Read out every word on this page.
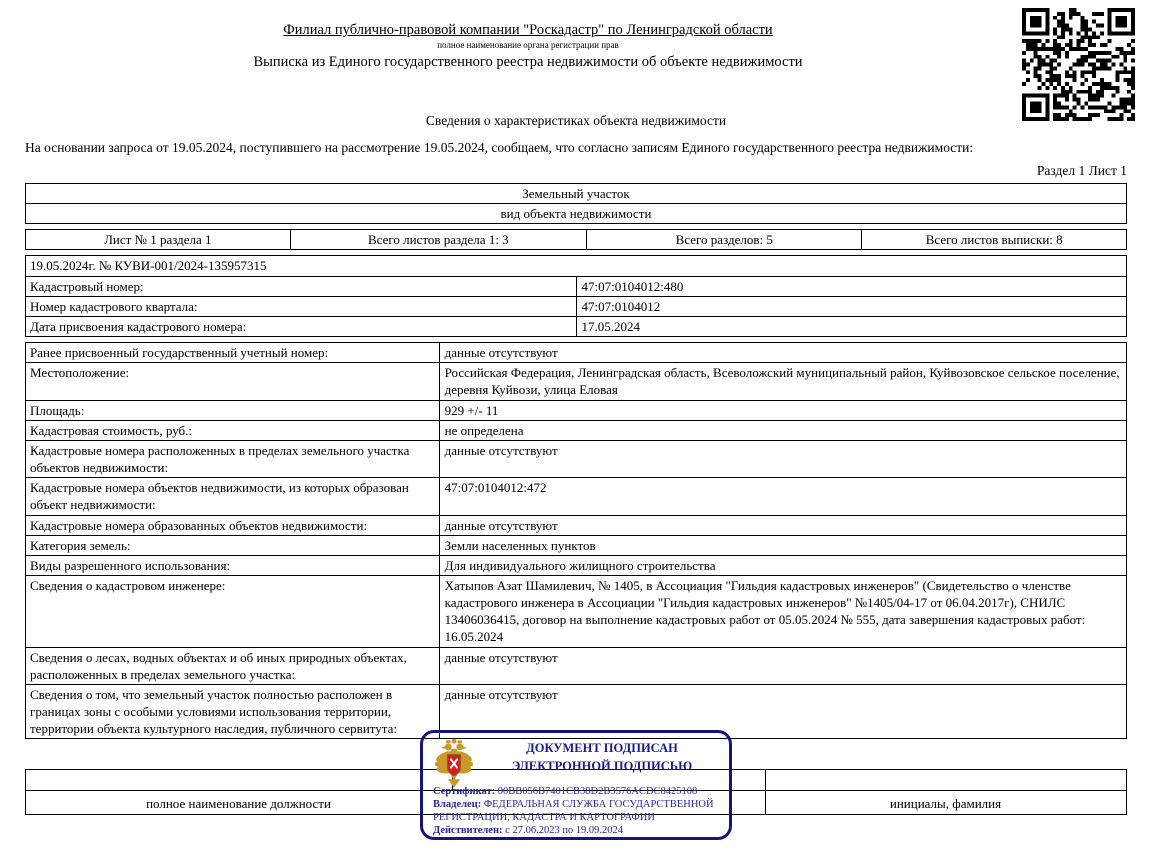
Филиал публично-правовой компании "Роскадастр" по Ленинградской области
полное наименование органа регистрации прав
Выписка из Единого государственного реестра недвижимости об объекте недвижимости
Сведения о характеристиках объекта недвижимости
На основании запроса от 19.05.2024, поступившего на рассмотрение 19.05.2024, сообщаем, что согласно записям Единого государственного реестра недвижимости:
Раздел 1 Лист 1
Земельный участок
вид объекта недвижимости
Лист № 1 раздела 1	Всего листов раздела 1: 3	Всего разделов: 5	Всего листов выписки: 8
19.05.2024г. № КУВИ-001/2024-135957315	
Кадастровый номер:	47:07:0104012:480
Номер кадастрового квартала:	47:07:0104012
Дата присвоения кадастрового номера:	17.05.2024
Ранее присвоенный государственный учетный номер:	данные отсутствуют
Местоположение:	Российская Федерация, Ленинградская область, Всеволожский муниципальный район, Куйвозовское сельское поселение, деревня Куйвози, улица Еловая
Площадь:	929 +/- 11
Кадастровая стоимость, руб.:	не определена
Кадастровые номера расположенных в пределах земельного участка объектов недвижимости:	данные отсутствуют
Кадастровые номера объектов недвижимости, из которых образован объект недвижимости:	47:07:0104012:472
Кадастровые номера образованных объектов недвижимости:	данные отсутствуют
Категория земель:	Земли населенных пунктов
Виды разрешенного использования:	Для индивидуального жилищного строительства
Сведения о кадастровом инженере:	Хатыпов Азат Шамилевич, № 1405, в Ассоциация "Гильдия кадастровых инженеров" (Свидетельство о членстве кадастрового инженера в Ассоциации "Гильдия кадастровых инженеров" №1405/04-17 от 06.04.2017г), СНИЛС 13406036415, договор на выполнение кадастровых работ от 05.05.2024 № 555, дата завершения кадастровых работ: 16.05.2024
Сведения о лесах, водных объектах и об иных природных объектах, расположенных в пределах земельного участка:	данные отсутствуют
Сведения о том, что земельный участок полностью расположен в границах зоны с особыми условиями использования территории, территории объекта культурного наследия, публичного сервитута:	данные отсутствуют
полное наименование должности	инициалы, фамилия
ДОКУМЕНТ ПОДПИСАН
ЭЛЕКТРОННОЙ ПОДПИСЬЮ
Сертификат: 00BB056B7401CB38D2B3576ACDC8425108
Владелец: ФЕДЕРАЛЬНАЯ СЛУЖБА ГОСУДАРСТВЕННОЙ РЕГИСТРАЦИИ, КАДАСТРА И КАРТОГРАФИИ
Действителен: с 27.06.2023 по 19.09.2024
